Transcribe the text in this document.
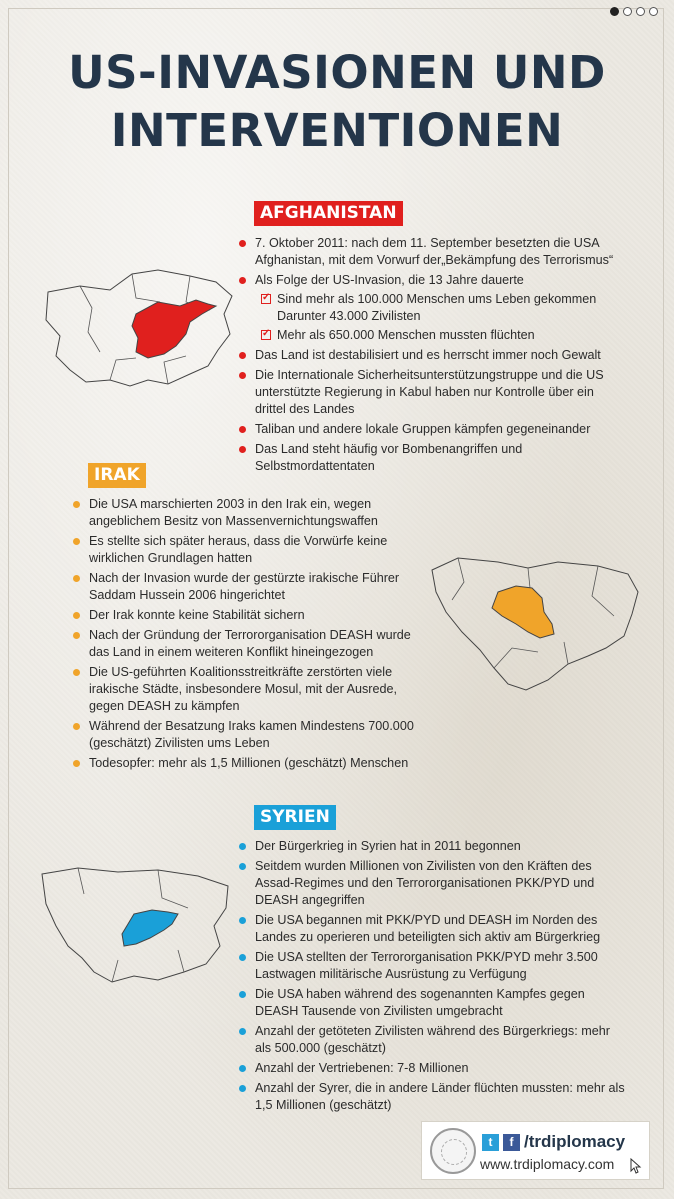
US-INVASIONEN UND
INTERVENTIONEN
AFGHANISTAN
7. Oktober 2011: nach dem 11. September besetzten die USA Afghanistan, mit dem Vorwurf der„Bekämpfung des Terrorismus“
Als Folge der US-Invasion, die 13 Jahre dauerte
✓ Sind mehr als 100.000 Menschen ums Leben gekommen Darunter 43.000 Zivilisten
✓ Mehr als 650.000 Menschen mussten flüchten
Das Land ist destabilisiert und es herrscht immer noch Gewalt
Die Internationale Sicherheitsunterstützungstruppe und die US unterstützte Regierung in Kabul haben nur Kontrolle über ein drittel des Landes
Taliban und andere lokale Gruppen kämpfen gegeneinander
Das Land steht häufig vor Bombenangriffen und Selbstmordattentaten
IRAK
Die USA marschierten 2003 in den Irak ein, wegen angeblichem Besitz von Massenvernichtungswaffen
Es stellte sich später heraus, dass die Vorwürfe keine wirklichen Grundlagen hatten
Nach der Invasion wurde der gestürzte irakische Führer Saddam Hussein 2006 hingerichtet
Der Irak konnte keine Stabilität sichern
Nach der Gründung der Terrororganisation DEASH wurde das Land in einem weiteren Konflikt hineingezogen
Die US-geführten Koalitionsstreitkräfte zerstörten viele irakische Städte, insbesondere Mosul, mit der Ausrede, gegen DEASH zu kämpfen
Während der Besatzung Iraks kamen Mindestens 700.000 (geschätzt) Zivilisten ums Leben
Todesopfer: mehr als 1,5 Millionen (geschätzt) Menschen
SYRIEN
Der Bürgerkrieg in Syrien hat in 2011 begonnen
Seitdem wurden Millionen von Zivilisten von den Kräften des Assad-Regimes und den Terrororganisationen PKK/PYD und DEASH angegriffen
Die USA begannen mit PKK/PYD und DEASH im Norden des Landes zu operieren und beteiligten sich aktiv am Bürgerkrieg
Die USA stellten der Terrororganisation PKK/PYD mehr 3.500 Lastwagen militärische Ausrüstung zu Verfügung
Die USA haben während des sogenannten Kampfes gegen DEASH Tausende von Zivilisten umgebracht
Anzahl der getöteten Zivilisten während des Bürgerkriegs: mehr als 500.000 (geschätzt)
Anzahl der Vertriebenen: 7-8 Millionen
Anzahl der Syrer, die in andere Länder flüchten mussten: mehr als 1,5 Millionen (geschätzt)
t	f /trdiplomacy
www.trdiplomacy.com
